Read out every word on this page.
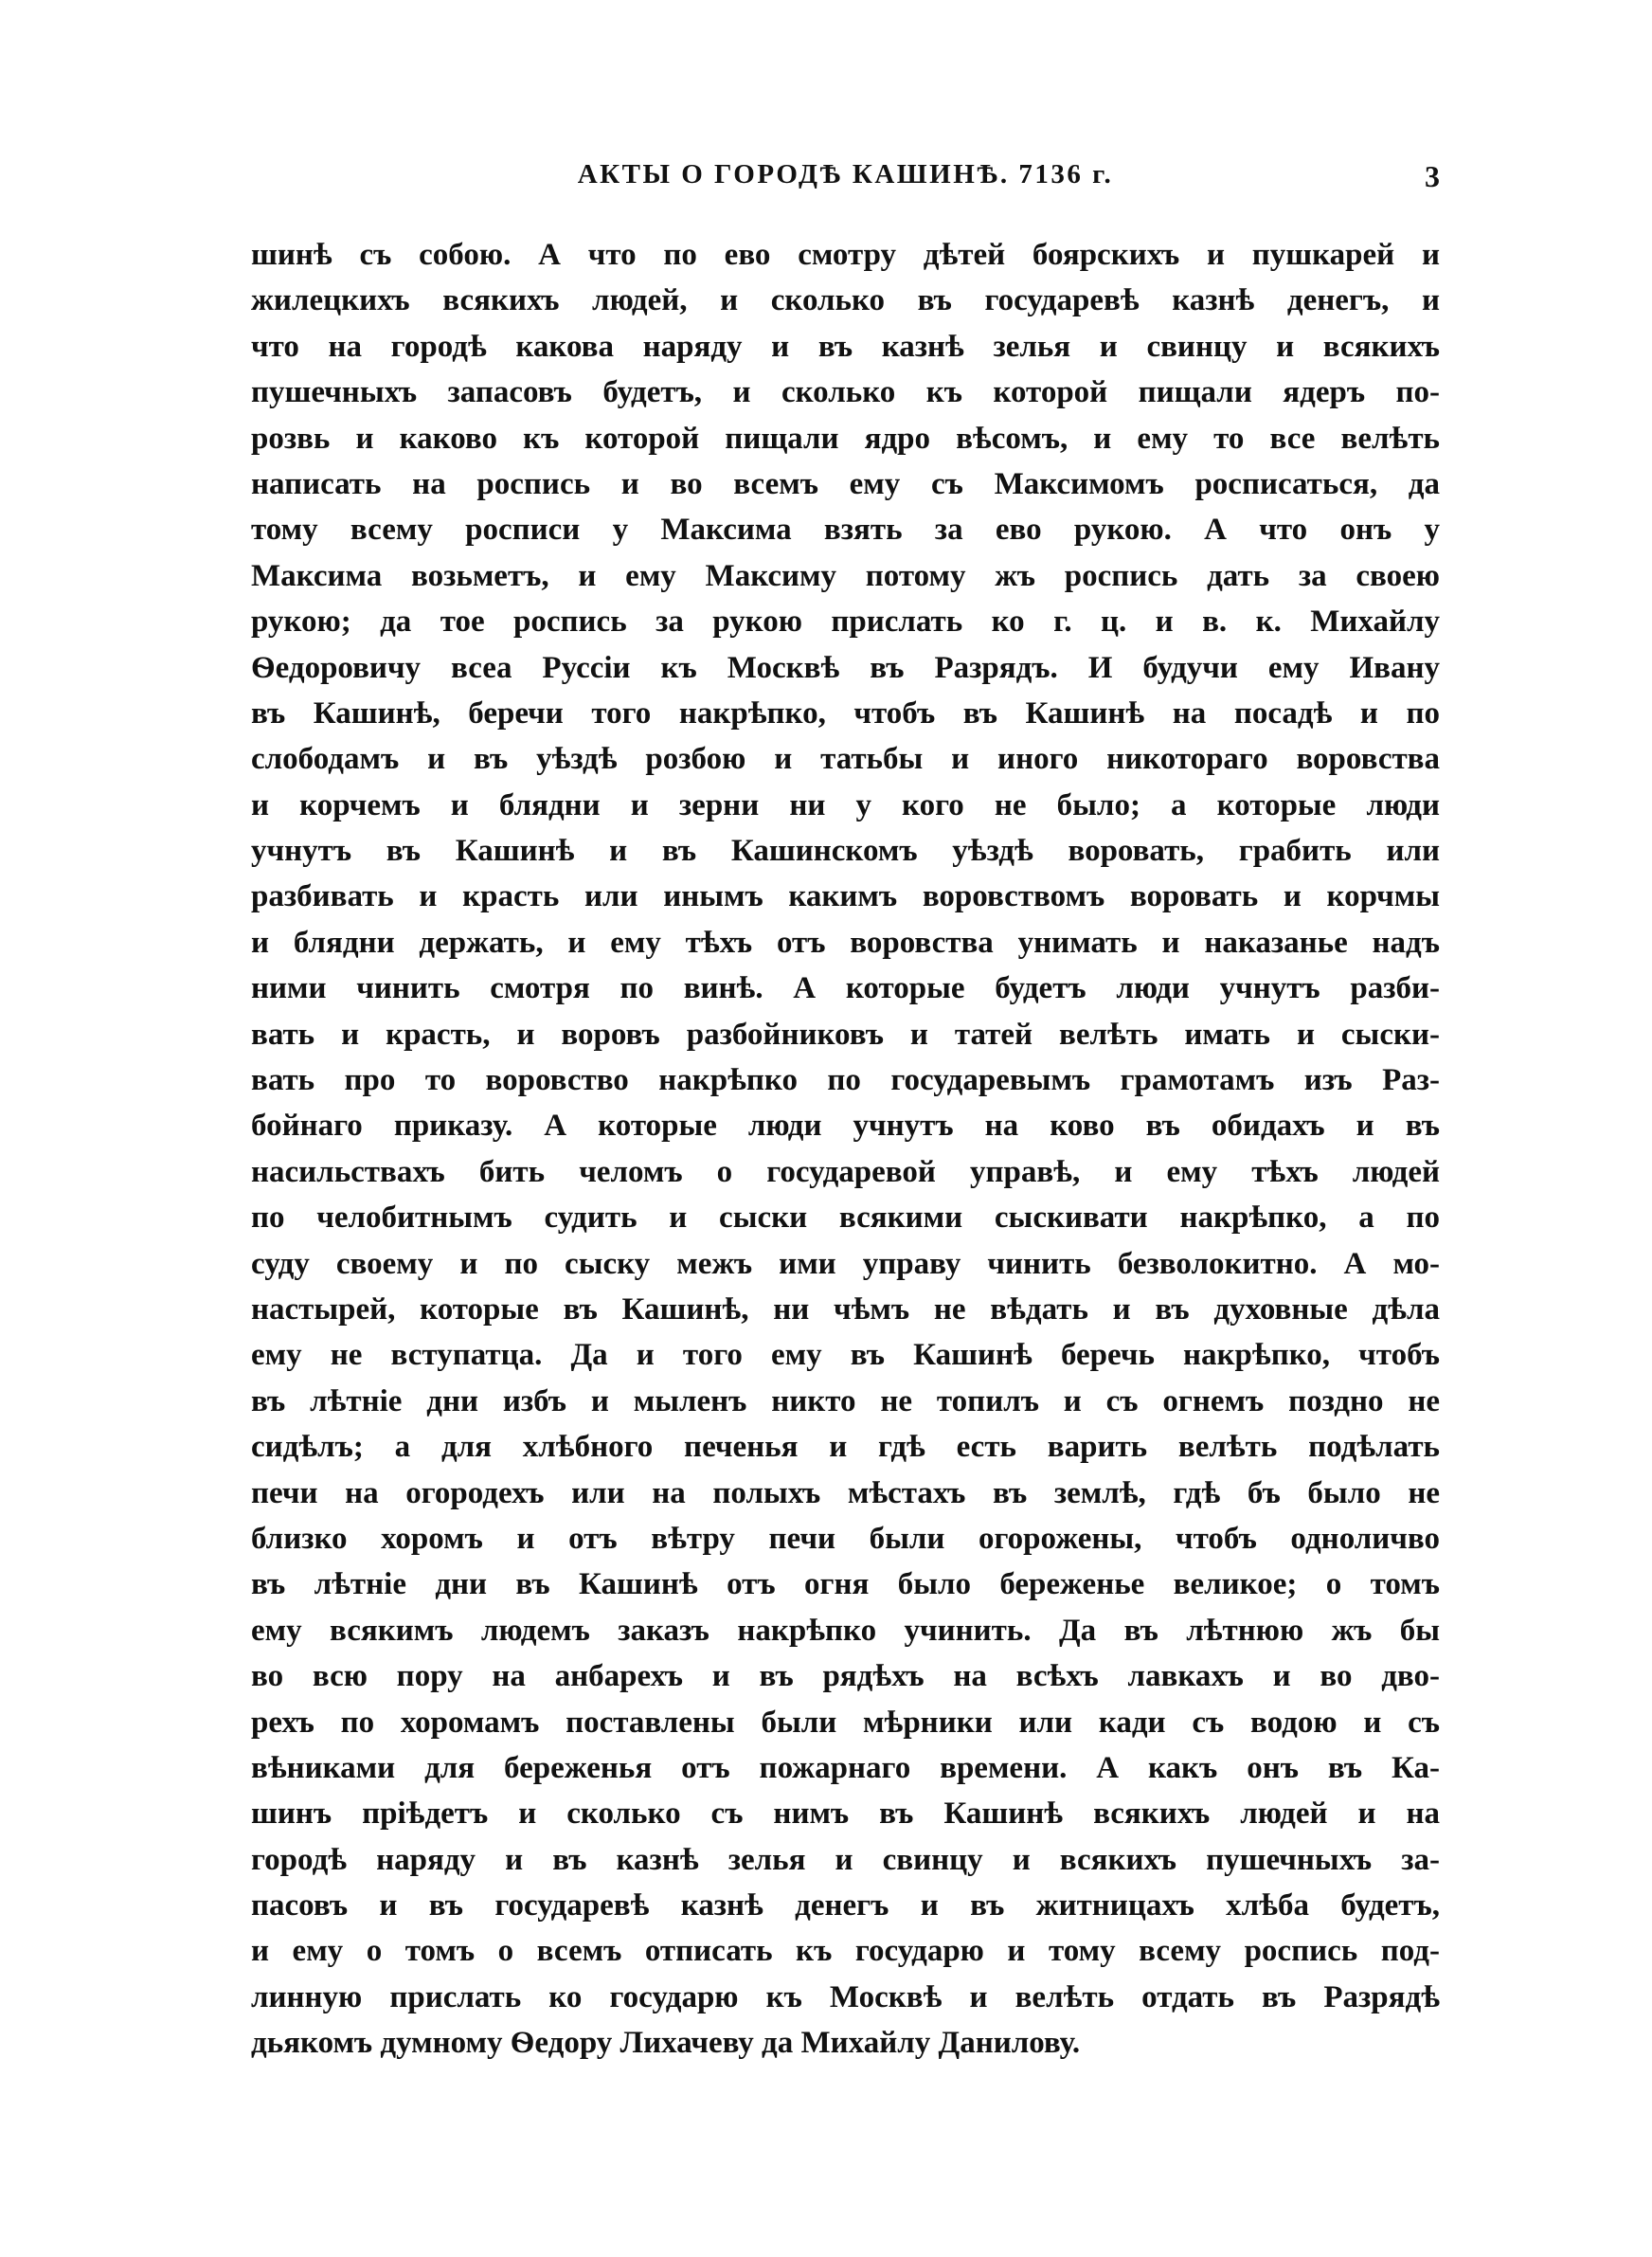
АКТЫ О ГОРОДѢ КАШИНѢ. 7136 г.	3
шинѣ съ собою. А что по ево смотру дѣтей боярскихъ и пушкарей и
жилецкихъ всякихъ людей, и сколько въ государевѣ казнѣ денегъ, и
что на городѣ какова наряду и въ казнѣ зелья и свинцу и всякихъ
пушечныхъ запасовъ будетъ, и сколько къ которой пищали ядеръ по-
розвь и каково къ которой пищали ядро вѣсомъ, и ему то все велѣть
написать на роспись и во всемъ ему съ Максимомъ росписаться, да
тому всему росписи у Максима взять за ево рукою. А что онъ у
Максима возьметъ, и ему Максиму потому жъ роспись дать за своею
рукою; да тое роспись за рукою прислать ко г. ц. и в. к. Михайлу
Ѳедоровичу всеа Руссіи къ Москвѣ въ Разрядъ. И будучи ему Ивану
въ Кашинѣ, беречи того накрѣпко, чтобъ въ Кашинѣ на посадѣ и по
слободамъ и въ уѣздѣ розбою и татьбы и иного никотораго воровства
и корчемъ и блядни и зерни ни у кого не было; а которые люди
учнутъ въ Кашинѣ и въ Кашинскомъ уѣздѣ воровать, грабить или
разбивать и красть или инымъ какимъ воровствомъ воровать и корчмы
и блядни держать, и ему тѣхъ отъ воровства унимать и наказанье надъ
ними чинить смотря по винѣ. А которые будетъ люди учнутъ разби-
вать и красть, и воровъ разбойниковъ и татей велѣть имать и сыски-
вать про то воровство накрѣпко по государевымъ грамотамъ изъ Раз-
бойнаго приказу. А которые люди учнутъ на ково въ обидахъ и въ
насильствахъ бить челомъ о государевой управѣ, и ему тѣхъ людей
по челобитнымъ судить и сыски всякими сыскивати накрѣпко, а по
суду своему и по сыску межъ ими управу чинить безволокитно. А мо-
настырей, которые въ Кашинѣ, ни чѣмъ не вѣдать и въ духовные дѣла
ему не вступатца. Да и того ему въ Кашинѣ беречь накрѣпко, чтобъ
въ лѣтніе дни избъ и мыленъ никто не топилъ и съ огнемъ поздно не
сидѣлъ; а для хлѣбного печенья и гдѣ есть варить велѣть подѣлать
печи на огородехъ или на полыхъ мѣстахъ въ землѣ, гдѣ бъ было не
близко хоромъ и отъ вѣтру печи были огорожены, чтобъ одноличво
въ лѣтніе дни въ Кашинѣ отъ огня было береженье великое; о томъ
ему всякимъ людемъ заказъ накрѣпко учинить. Да въ лѣтнюю жъ бы
во всю пору на анбарехъ и въ рядѣхъ на всѣхъ лавкахъ и во дво-
рехъ по хоромамъ поставлены были мѣрники или кади съ водою и съ
вѣниками для береженья отъ пожарнаго времени. А какъ онъ въ Ка-
шинъ пріѣдетъ и сколько съ нимъ въ Кашинѣ всякихъ людей и на
городѣ наряду и въ казнѣ зелья и свинцу и всякихъ пушечныхъ за-
пасовъ и въ государевѣ казнѣ денегъ и въ житницахъ хлѣба будетъ,
и ему о томъ о всемъ отписать къ государю и тому всему роспись под-
линную прислать ко государю къ Москвѣ и велѣть отдать въ Разрядѣ
дьякомъ думному Ѳедору Лихачеву да Михайлу Данилову.
